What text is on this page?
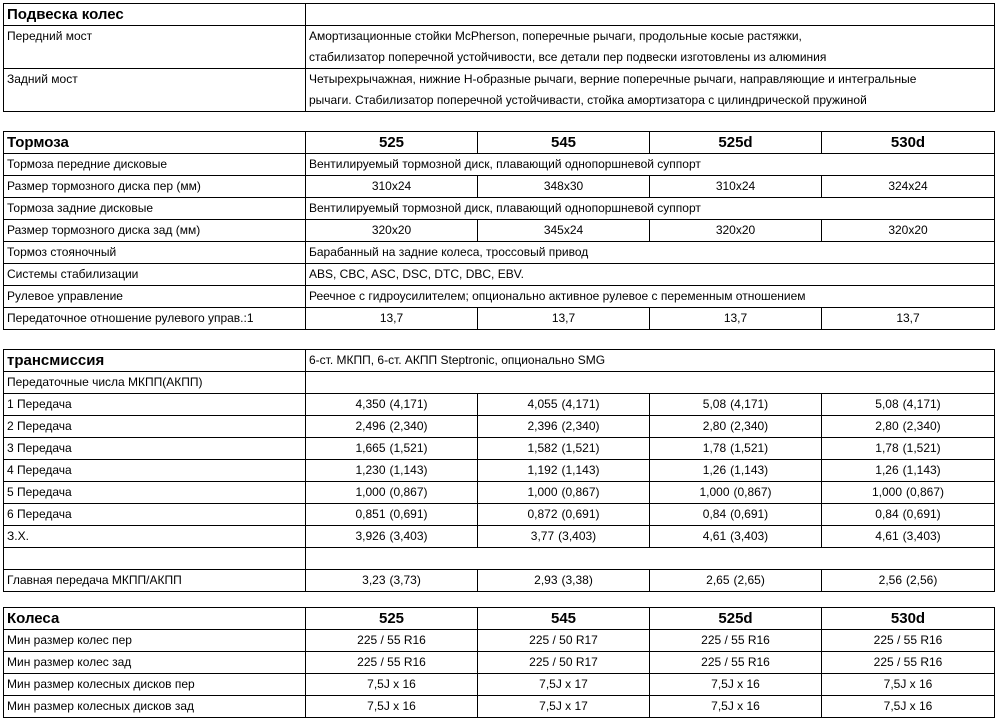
Подвеска колес	
Передний мост	Амортизационные стойки McPherson, поперечные рычаги, продольные косые растяжки,
стабилизатор поперечной устойчивости, все детали пер подвески изготовлены из алюминия

Задний мост	Четырехрычажная, нижние H-образные рычаги, верние поперечные рычаги, направляющие и интегральные
рычаги. Стабилизатор поперечной устойчивасти, стойка амортизатора с цилиндрической пружиной
Тормоза	525	545	525d	530d
Тормоза передние дисковые	Вентилируемый тормозной диск, плавающий однопоршневой суппорт			
Размер тормозного диска пер (мм)	310x24	348x30	310x24	324x24
Тормоза задние дисковые	Вентилируемый тормозной диск, плавающий однопоршневой суппорт			
Размер тормозного диска зад (мм)	320x20	345x24	320x20	320x20
Тормоз стояночный	Барабанный на задние колеса, троссовый привод			
Системы стабилизации	ABS, CBC, ASC, DSC, DTC, DBC, EBV.			
Рулевое управление	Реечное с гидроусилителем; опционально активное рулевое с переменным отношением			
Передаточное отношение рулевого управ.:1	13,7	13,7	13,7	13,7
трансмиссия	6-ст. МКПП, 6-ст. АКПП Steptronic, опционально SMG			
Передаточные числа МКПП(АКПП)				
1 Передача	4,350 (4,171)	4,055 (4,171)	5,08 (4,171)	5,08 (4,171)
2 Передача	2,496 (2,340)	2,396 (2,340)	2,80 (2,340)	2,80 (2,340)
3 Передача	1,665 (1,521)	1,582 (1,521)	1,78 (1,521)	1,78 (1,521)
4 Передача	1,230 (1,143)	1,192 (1,143)	1,26 (1,143)	1,26 (1,143)
5 Передача	1,000 (0,867)	1,000 (0,867)	1,000 (0,867)	1,000 (0,867)
6 Передача	0,851 (0,691)	0,872 (0,691)	0,84 (0,691)	0,84 (0,691)
З.Х.	3,926 (3,403)	3,77 (3,403)	4,61 (3,403)	4,61 (3,403)

Главная передача МКПП/АКПП	3,23 (3,73)	2,93 (3,38)	2,65 (2,65)	2,56 (2,56)
Колеса	525	545	525d	530d
Мин размер колес пер	225 / 55 R16	225 / 50 R17	225 / 55 R16	225 / 55 R16
Мин размер колес зад	225 / 55 R16	225 / 50 R17	225 / 55 R16	225 / 55 R16
Мин размер колесных дисков пер	7,5J x 16	7,5J x 17	7,5J x 16	7,5J x 16
Мин размер колесных дисков зад	7,5J x 16	7,5J x 17	7,5J x 16	7,5J x 16
